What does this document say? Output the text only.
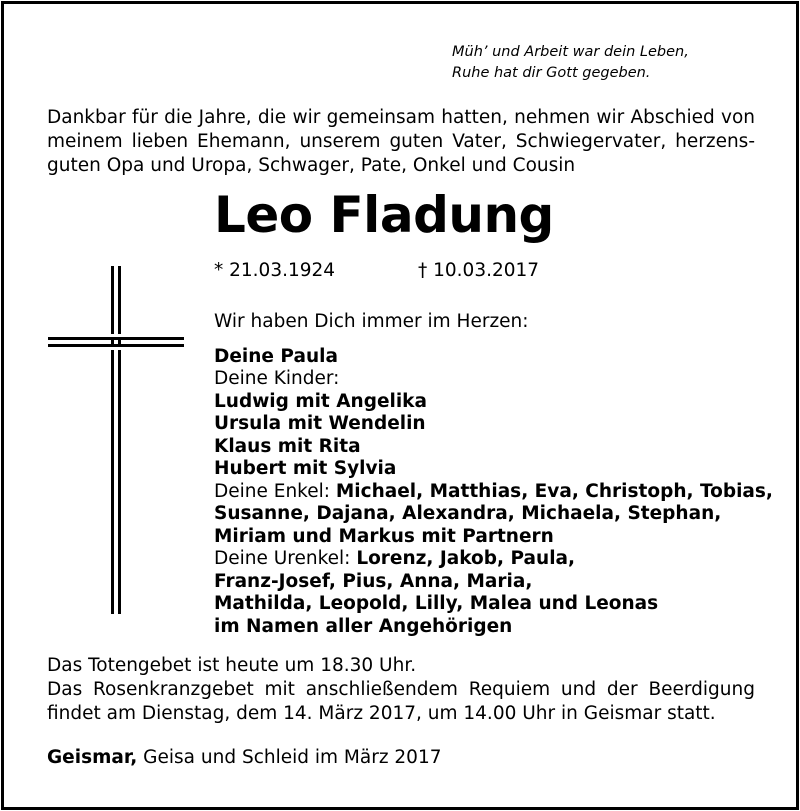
Müh’ und Arbeit war dein Leben,
Ruhe hat dir Gott gegeben.
Dankbar für die Jahre, die wir gemeinsam hatten, nehmen wir Abschied von
meinem lieben Ehemann, unserem guten Vater, Schwiegervater, herzens-
guten Opa und Uropa, Schwager, Pate, Onkel und Cousin
Leo Fladung
* 21.03.1924	† 10.03.2017
Wir haben Dich immer im Herzen:
Deine Paula
Deine Kinder:
Ludwig mit Angelika
Ursula mit Wendelin
Klaus mit Rita
Hubert mit Sylvia
Deine Enkel: Michael, Matthias, Eva, Christoph, Tobias,
Susanne, Dajana, Alexandra, Michaela, Stephan,
Miriam und Markus mit Partnern
Deine Urenkel: Lorenz, Jakob, Paula,
Franz-Josef, Pius, Anna, Maria,
Mathilda, Leopold, Lilly, Malea und Leonas
im Namen aller Angehörigen
Das Totengebet ist heute um 18.30 Uhr.
Das Rosenkranzgebet mit anschließendem Requiem und der Beerdigung
findet am Dienstag, dem 14. März 2017, um 14.00 Uhr in Geismar statt.
Geismar, Geisa und Schleid im März 2017
